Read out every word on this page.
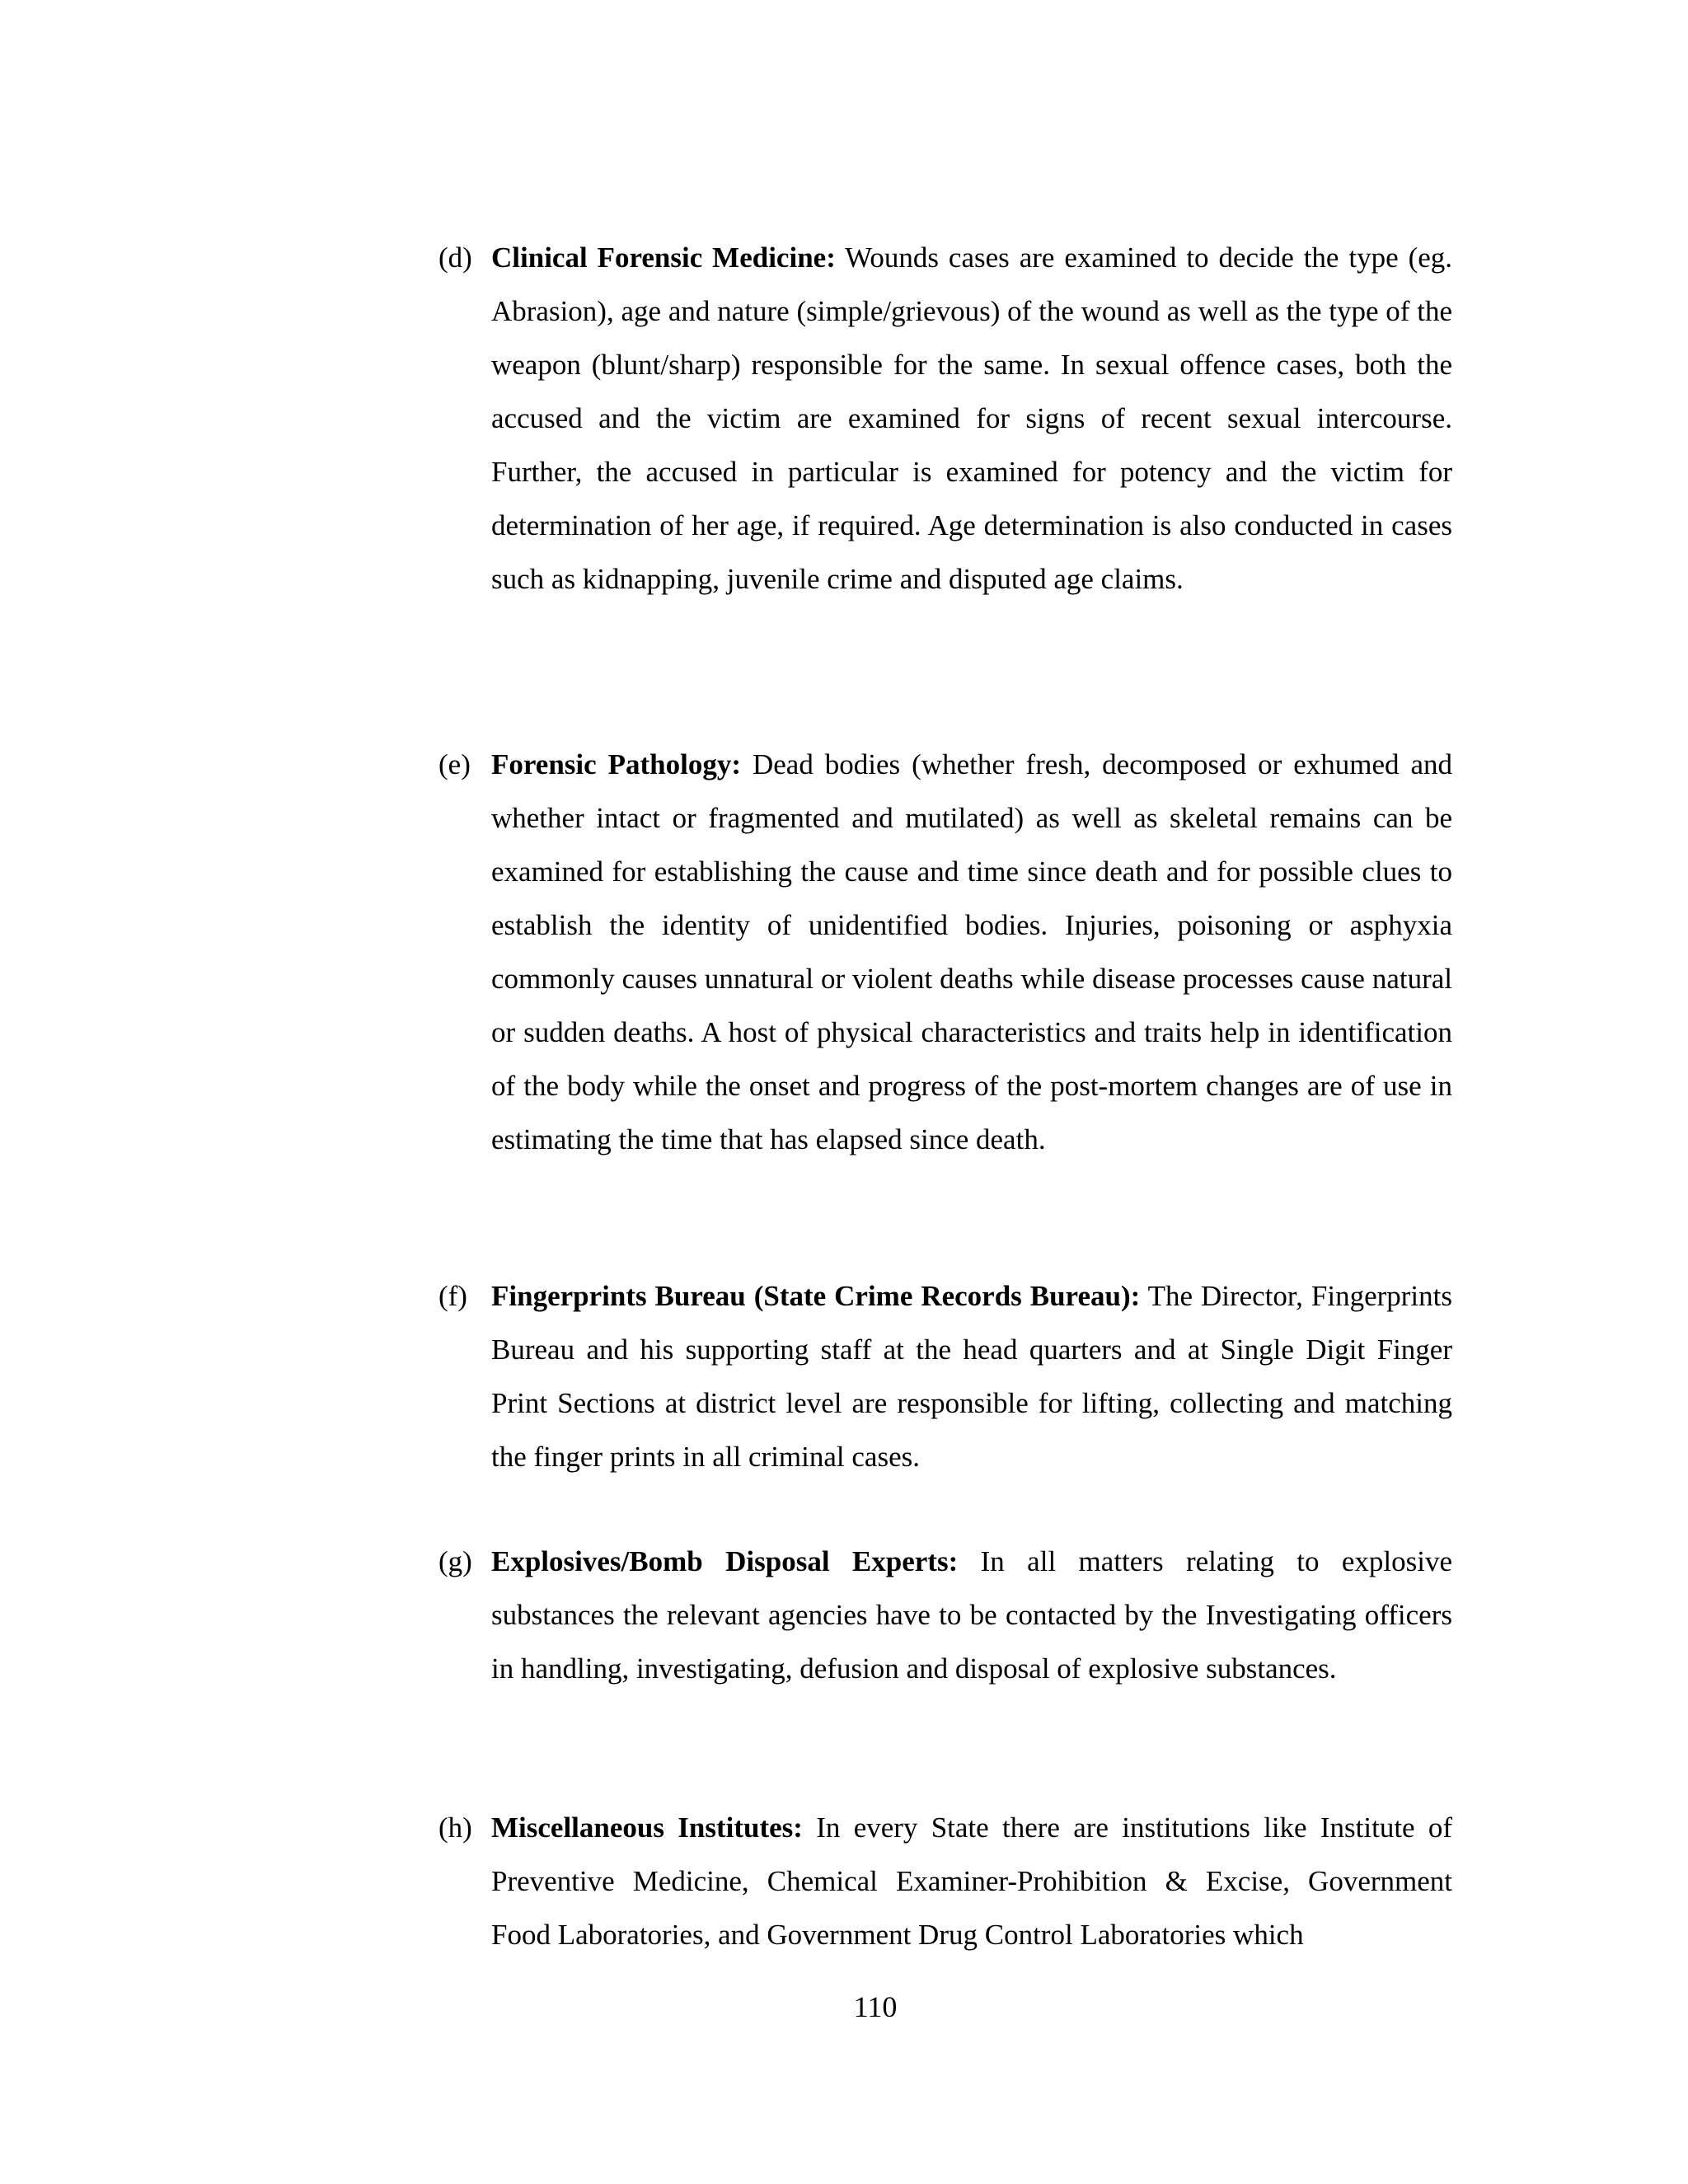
(d) Clinical Forensic Medicine: Wounds cases are examined to decide the type (eg. Abrasion), age and nature (simple/grievous) of the wound as well as the type of the weapon (blunt/sharp) responsible for the same. In sexual offence cases, both the accused and the victim are examined for signs of recent sexual intercourse. Further, the accused in particular is examined for potency and the victim for determination of her age, if required. Age determination is also conducted in cases such as kidnapping, juvenile crime and disputed age claims.
(e) Forensic Pathology: Dead bodies (whether fresh, decomposed or exhumed and whether intact or fragmented and mutilated) as well as skeletal remains can be examined for establishing the cause and time since death and for possible clues to establish the identity of unidentified bodies. Injuries, poisoning or asphyxia commonly causes unnatural or violent deaths while disease processes cause natural or sudden deaths. A host of physical characteristics and traits help in identification of the body while the onset and progress of the post-mortem changes are of use in estimating the time that has elapsed since death.
(f) Fingerprints Bureau (State Crime Records Bureau): The Director, Fingerprints Bureau and his supporting staff at the head quarters and at Single Digit Finger Print Sections at district level are responsible for lifting, collecting and matching the finger prints in all criminal cases.
(g) Explosives/Bomb Disposal Experts: In all matters relating to explosive substances the relevant agencies have to be contacted by the Investigating officers in handling, investigating, defusion and disposal of explosive substances.
(h) Miscellaneous Institutes: In every State there are institutions like Institute of Preventive Medicine, Chemical Examiner-Prohibition & Excise, Government Food Laboratories, and Government Drug Control Laboratories which
110
